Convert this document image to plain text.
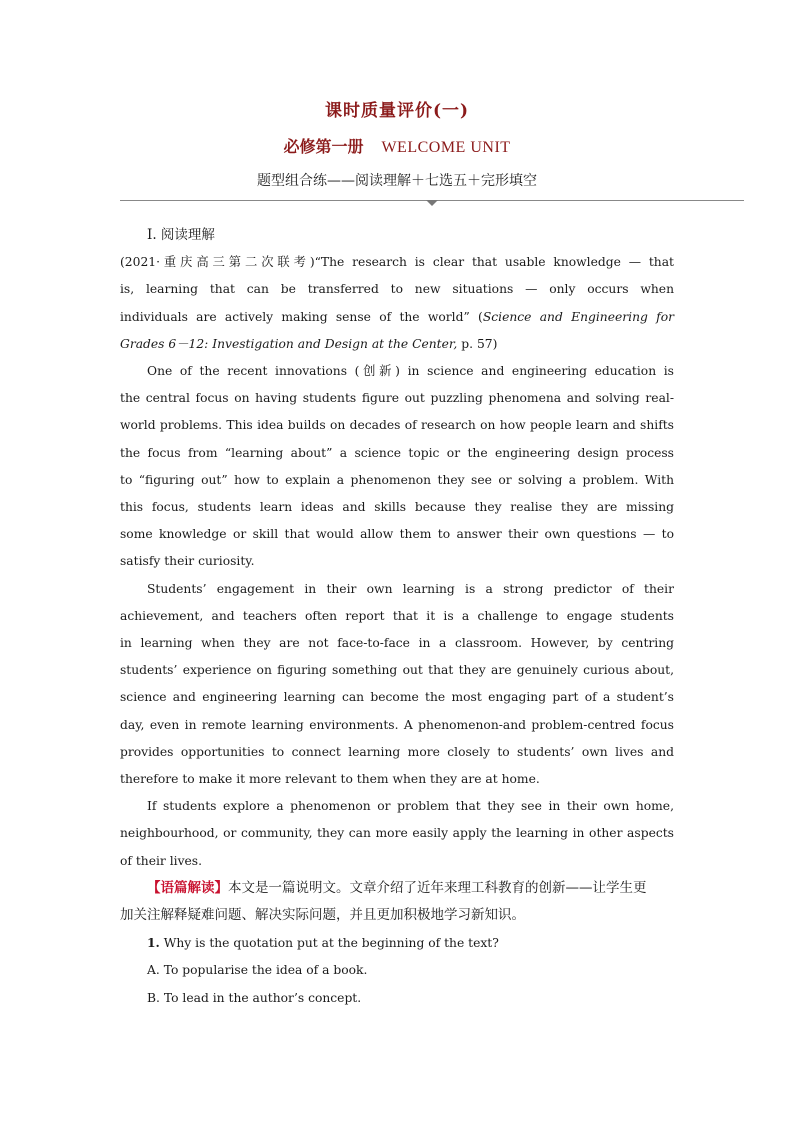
课时质量评价(一)
必修第一册 WELCOME UNIT
题型组合练——阅读理解＋七选五＋完形填空
Ⅰ. 阅读理解
(2021·重庆高三第二次联考)“The research is clear that usable knowledge — that
is, learning that can be transferred to new situations — only occurs when
individuals are actively making sense of the world” (Science and Engineering for
Grades 6－12: Investigation and Design at the Center, p. 57)
One of the recent innovations (创新) in science and engineering education is
the central focus on having students figure out puzzling phenomena and solving real-
world problems. This idea builds on decades of research on how people learn and shifts
the focus from “learning about” a science topic or the engineering design process
to “figuring out” how to explain a phenomenon they see or solving a problem. With
this focus, students learn ideas and skills because they realise they are missing
some knowledge or skill that would allow them to answer their own questions — to
satisfy their curiosity.
Students’ engagement in their own learning is a strong predictor of their
achievement, and teachers often report that it is a challenge to engage students
in learning when they are not face-to-face in a classroom. However, by centring
students’ experience on figuring something out that they are genuinely curious about,
science and engineering learning can become the most engaging part of a student’s
day, even in remote learning environments. A phenomenon-and problem-centred focus
provides opportunities to connect learning more closely to students’ own lives and
therefore to make it more relevant to them when they are at home.
If students explore a phenomenon or problem that they see in their own home,
neighbourhood, or community, they can more easily apply the learning in other aspects
of their lives.
【语篇解读】本文是一篇说明文。文章介绍了近年来理工科教育的创新——让学生更
加关注解释疑难问题、解决实际问题，并且更加积极地学习新知识。
1. Why is the quotation put at the beginning of the text?
A. To popularise the idea of a book.
B. To lead in the author’s concept.
